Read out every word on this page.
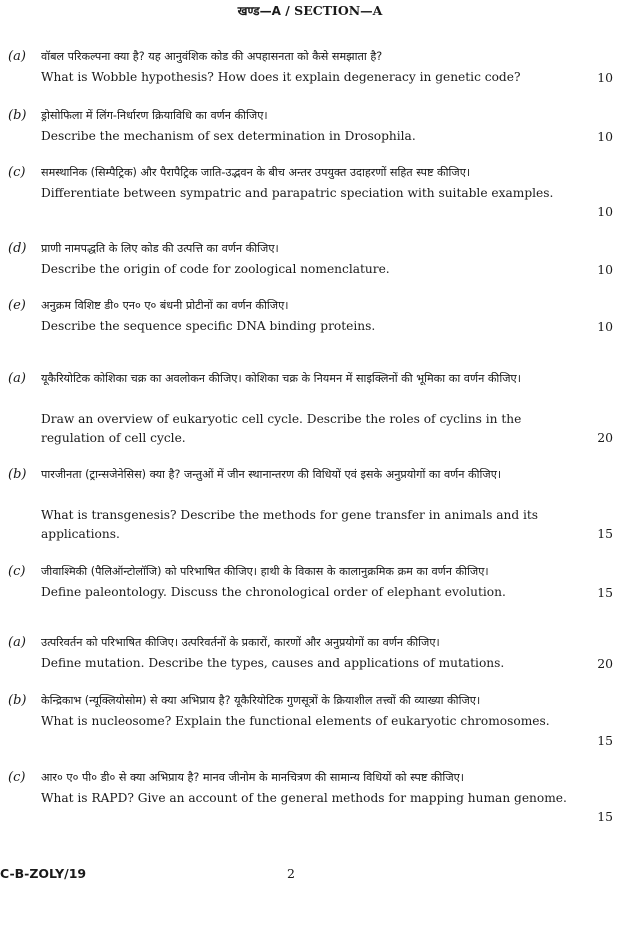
खण्ड—A / SECTION—A
(a) वॉबल परिकल्पना क्या है? यह आनुवंशिक कोड की अपहासनता को कैसे समझाता है?
What is Wobble hypothesis? How does it explain degeneracy in genetic code?	10
(b) ड्रोसोफिला में लिंग-निर्धारण क्रियाविधि का वर्णन कीजिए।
Describe the mechanism of sex determination in Drosophila.	10
(c) समस्थानिक (सिम्पैट्रिक) और पैरापैट्रिक जाति-उद्भवन के बीच अन्तर उपयुक्त उदाहरणों सहित स्पष्ट कीजिए।
Differentiate between sympatric and parapatric speciation with suitable examples.
10
(d) प्राणी नामपद्धति के लिए कोड की उत्पत्ति का वर्णन कीजिए।
Describe the origin of code for zoological nomenclature.	10
(e) अनुक्रम विशिष्ट डी० एन० ए० बंधनी प्रोटीनों का वर्णन कीजिए।
Describe the sequence specific DNA binding proteins.	10
(a) यूकैरियोटिक कोशिका चक्र का अवलोकन कीजिए। कोशिका चक्र के नियमन में साइक्लिनों की भूमिका का वर्णन कीजिए।
Draw an overview of eukaryotic cell cycle. Describe the roles of cyclins in the regulation of cell cycle.	20
(b) पारजीनता (ट्रान्सजेनेसिस) क्या है? जन्तुओं में जीन स्थानान्तरण की विधियों एवं इसके अनुप्रयोगों का वर्णन कीजिए।
What is transgenesis? Describe the methods for gene transfer in animals and its applications.	15
(c) जीवाश्मिकी (पैलिऑन्टोलॉजि) को परिभाषित कीजिए। हाथी के विकास के कालानुक्रमिक क्रम का वर्णन कीजिए।
Define paleontology. Discuss the chronological order of elephant evolution.	15
(a) उत्परिवर्तन को परिभाषित कीजिए। उत्परिवर्तनों के प्रकारों, कारणों और अनुप्रयोगों का वर्णन कीजिए।
Define mutation. Describe the types, causes and applications of mutations.	20
(b) केन्द्रिकाभ (न्यूक्लियोसोम) से क्या अभिप्राय है? यूकैरियोटिक गुणसूत्रों के क्रियाशील तत्त्वों की व्याख्या कीजिए।
What is nucleosome? Explain the functional elements of eukaryotic chromosomes.
15
(c) आर० ए० पी० डी० से क्या अभिप्राय है? मानव जीनोम के मानचित्रण की सामान्य विधियों को स्पष्ट कीजिए।
What is RAPD? Give an account of the general methods for mapping human genome.
15
C-B-ZOLY/19	2
